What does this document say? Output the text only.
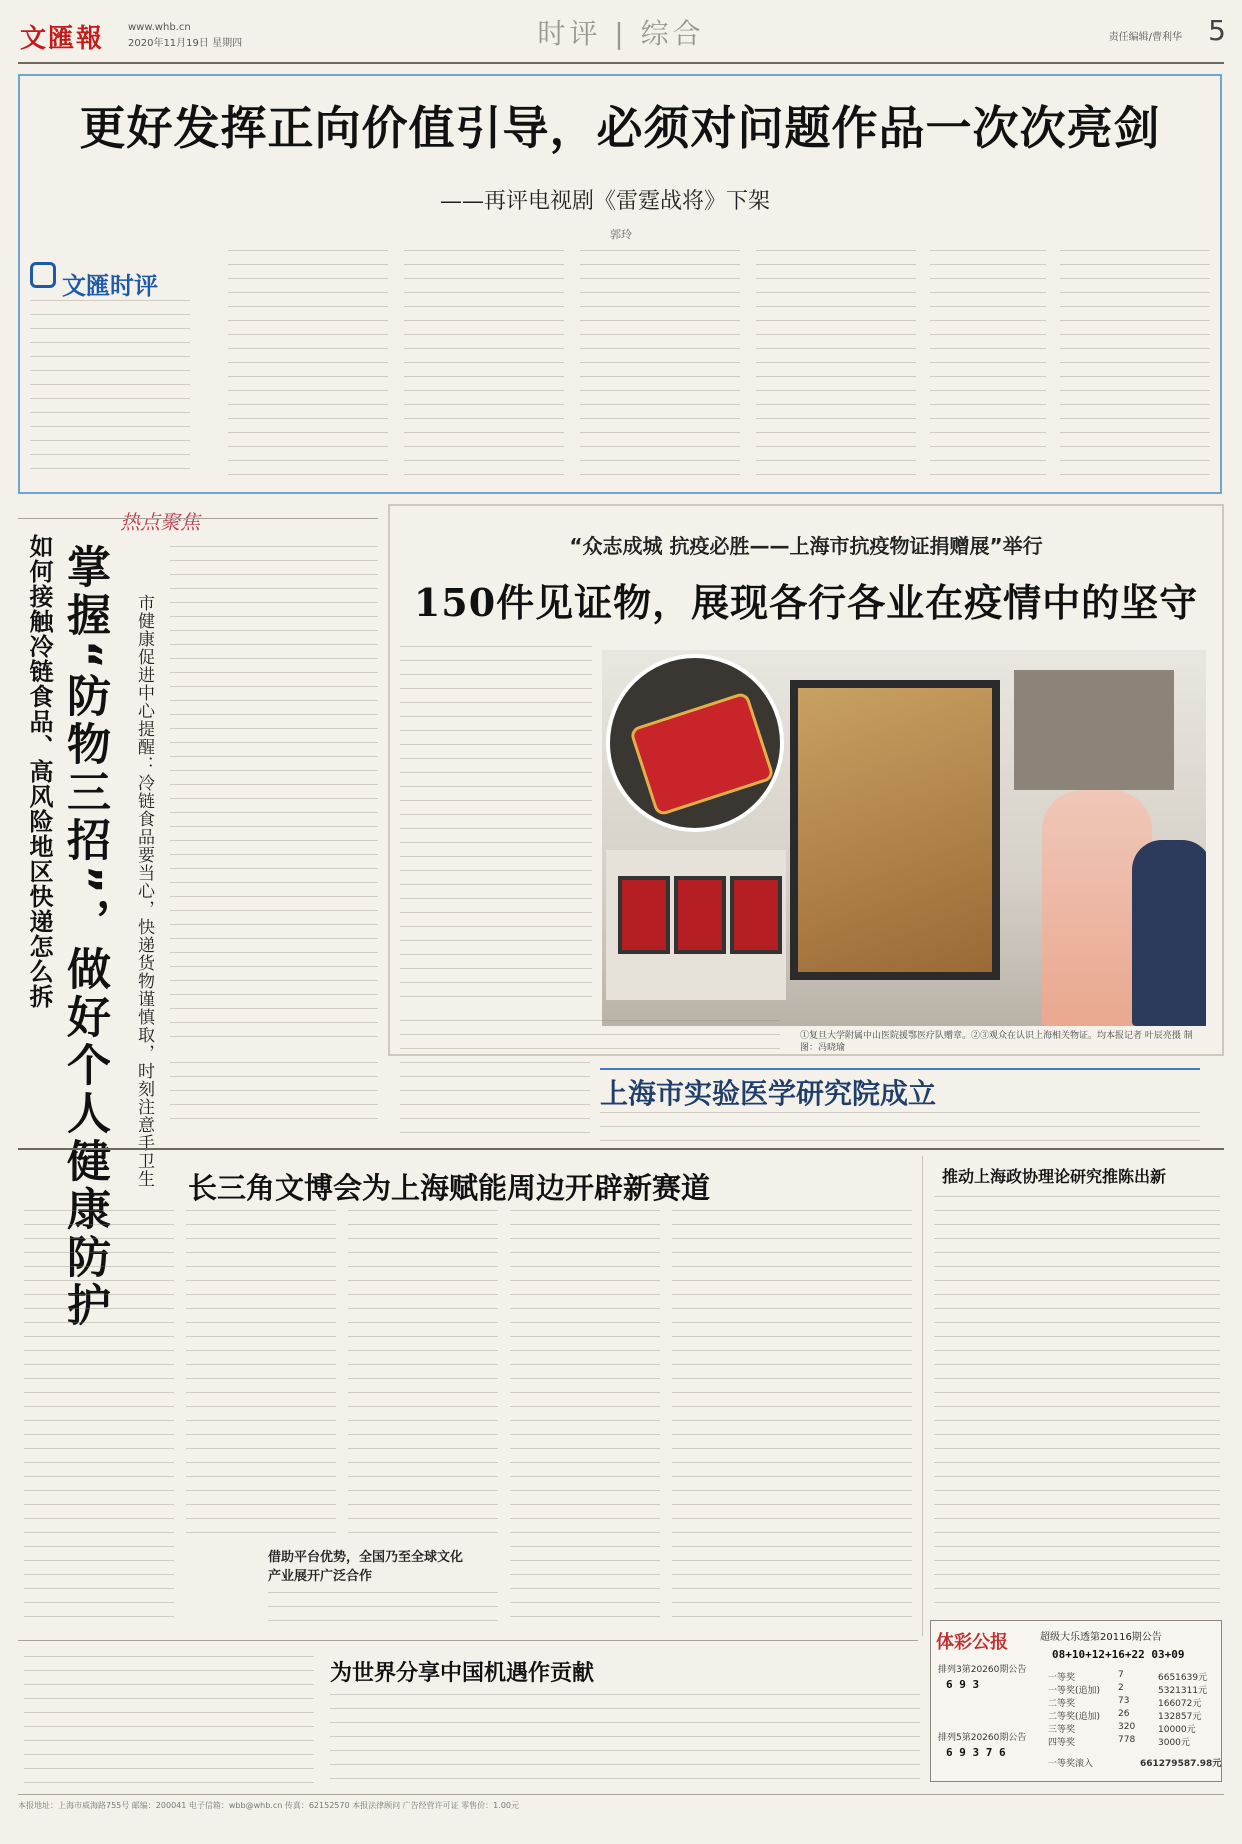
文匯報 www.whb.cn
2020年11月19日 星期四	时评 | 综合	责任编辑/曹利华 5
更好发挥正向价值引导，必须对问题作品一次次亮剑
——再评电视剧《雷霆战将》下架
郭玲
文匯时评
热点聚焦
如何接触冷链食品、高风险地区快递怎么拆 掌握“防物三招”，做好个人健康防护 市健康促进中心提醒：冷链食品要当心，快递货物谨慎取，时刻注意手卫生
“众志成城 抗疫必胜——上海市抗疫物证捐赠展”举行
150件见证物，展现各行各业在疫情中的坚守
①复旦大学附属中山医院援鄂医疗队赠章。②③观众在认识上海相关物证。均本报记者 叶辰亮摄 制图：冯晓瑜
上海市实验医学研究院成立
长三角文博会为上海赋能周边开辟新赛道
借助平台优势，全国乃至全球文化产业展开广泛合作
推动上海政协理论研究推陈出新
为世界分享中国机遇作贡献
体彩公报	超级大乐透第20116期公告
08+10+12+16+22 03+09
排列3第20260期公告
6 9 3
排列5第20260期公告
6 9 3 7 6
一等奖	7	6651639元
一等奖(追加) 2	5321311元
二等奖	73	166072元
二等奖(追加) 26	132857元
三等奖	320	10000元
四等奖	778	3000元
一等奖滚入	661279587.98元
本报地址：上海市威海路755号 邮编：200041 电子信箱：wbb@whb.cn 传真：62152570 本报法律顾问 广告经营许可证 零售价：1.00元
